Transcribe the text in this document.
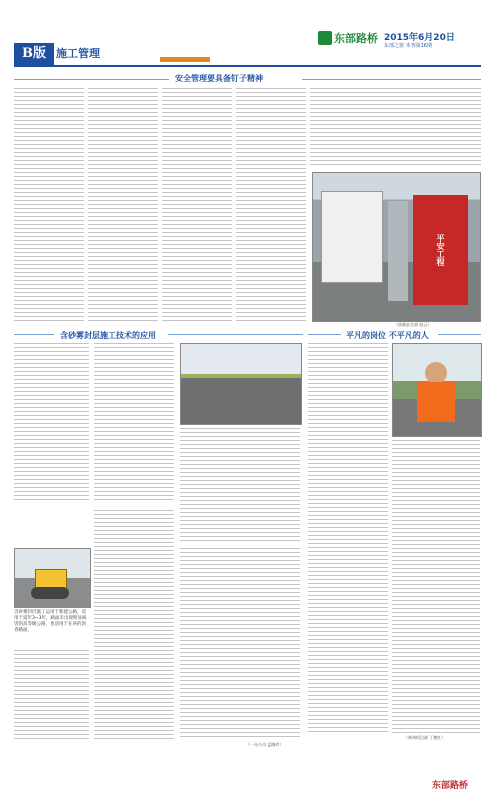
B版 施工管理
东部路桥 2015年6月20日
东部之窗 本刊第16期
安全管理要具备钉子精神
平安工程
（质量安全部 赵云）
含砂雾封层施工技术的应用
含砂雾封层施工运用于新建公路，适用于道年3~3年，路面未出现明显病害的高等级公路，也适用于在养的沥青路面。
（一分公司 孟晓玲）
平凡的岗位 不平凡的人
（黄州项目部 丁艳红）
东部路桥
